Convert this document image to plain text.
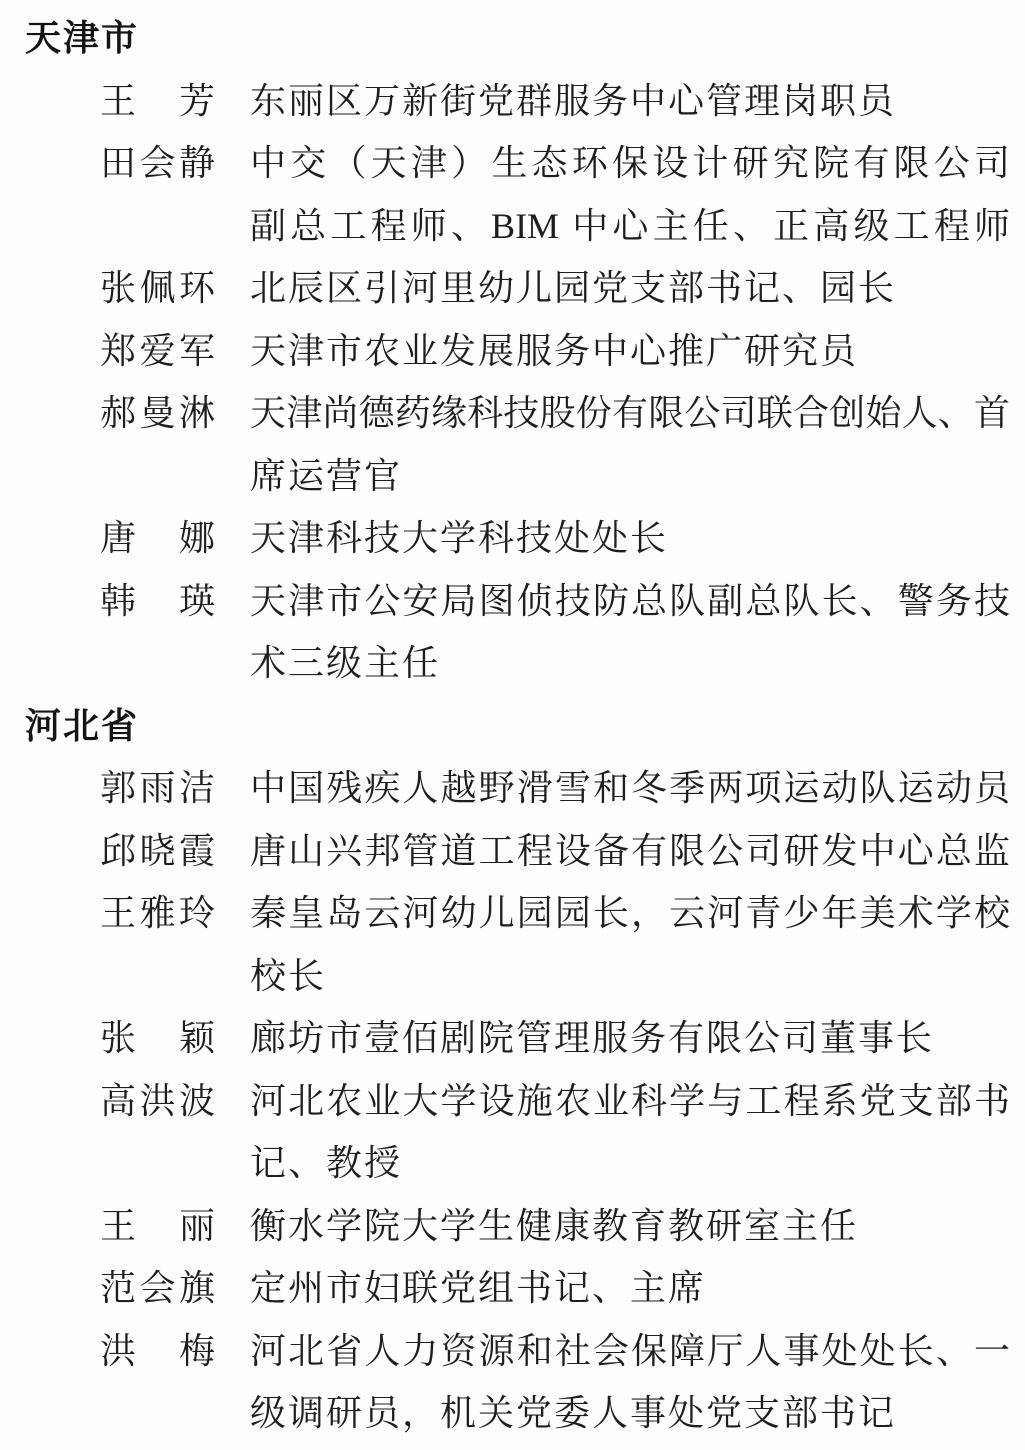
天津市
王　芳 东丽区万新街党群服务中心管理岗职员
田会静 中交（天津）生态环保设计研究院有限公司
副总工程师、BIM 中心主任、正高级工程师
张佩环 北辰区引河里幼儿园党支部书记、园长
郑爱军 天津市农业发展服务中心推广研究员
郝曼淋 天津尚德药缘科技股份有限公司联合创始人、首
席运营官
唐　娜 天津科技大学科技处处长
韩　瑛 天津市公安局图侦技防总队副总队长、警务技
术三级主任
河北省
郭雨洁 中国残疾人越野滑雪和冬季两项运动队运动员
邱晓霞 唐山兴邦管道工程设备有限公司研发中心总监
王雅玲 秦皇岛云河幼儿园园长，云河青少年美术学校
校长
张　颖 廊坊市壹佰剧院管理服务有限公司董事长
高洪波 河北农业大学设施农业科学与工程系党支部书
记、教授
王　丽 衡水学院大学生健康教育教研室主任
范会旗 定州市妇联党组书记、主席
洪　梅 河北省人力资源和社会保障厅人事处处长、一
级调研员，机关党委人事处党支部书记
